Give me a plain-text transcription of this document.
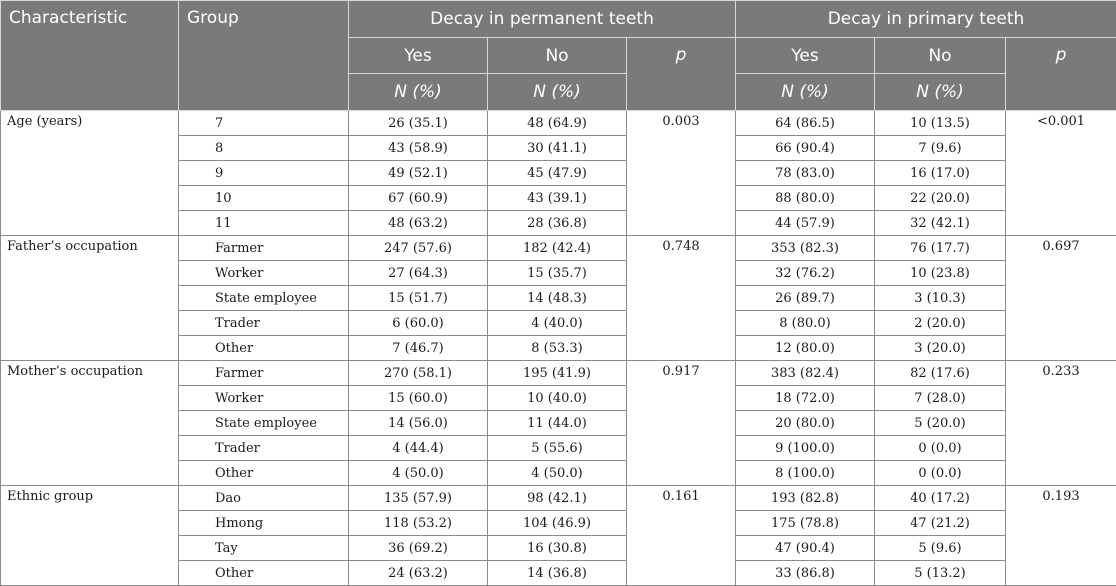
Characteristic	Group	Decay in permanent teeth			Decay in primary teeth		
		Yes	No	p	Yes	No	p
		N (%)	N (%)		N (%)	N (%)	
Age (years)	7	26 (35.1)	48 (64.9)	0.003	64 (86.5)	10 (13.5)	<0.001
	8	43 (58.9)	30 (41.1)		66 (90.4)	7 (9.6)	
	9	49 (52.1)	45 (47.9)		78 (83.0)	16 (17.0)	
	10	67 (60.9)	43 (39.1)		88 (80.0)	22 (20.0)	
	11	48 (63.2)	28 (36.8)		44 (57.9)	32 (42.1)	
Father’s occupation	Farmer	247 (57.6)	182 (42.4)	0.748	353 (82.3)	76 (17.7)	0.697
	Worker	27 (64.3)	15 (35.7)		32 (76.2)	10 (23.8)	
	State employee	15 (51.7)	14 (48.3)		26 (89.7)	3 (10.3)	
	Trader	6 (60.0)	4 (40.0)		8 (80.0)	2 (20.0)	
	Other	7 (46.7)	8 (53.3)		12 (80.0)	3 (20.0)	
Mother’s occupation	Farmer	270 (58.1)	195 (41.9)	0.917	383 (82.4)	82 (17.6)	0.233
	Worker	15 (60.0)	10 (40.0)		18 (72.0)	7 (28.0)	
	State employee	14 (56.0)	11 (44.0)		20 (80.0)	5 (20.0)	
	Trader	4 (44.4)	5 (55.6)		9 (100.0)	0 (0.0)	
	Other	4 (50.0)	4 (50.0)		8 (100.0)	0 (0.0)	
Ethnic group	Dao	135 (57.9)	98 (42.1)	0.161	193 (82.8)	40 (17.2)	0.193
	Hmong	118 (53.2)	104 (46.9)		175 (78.8)	47 (21.2)	
	Tay	36 (69.2)	16 (30.8)		47 (90.4)	5 (9.6)	
	Other	24 (63.2)	14 (36.8)		33 (86.8)	5 (13.2)	
